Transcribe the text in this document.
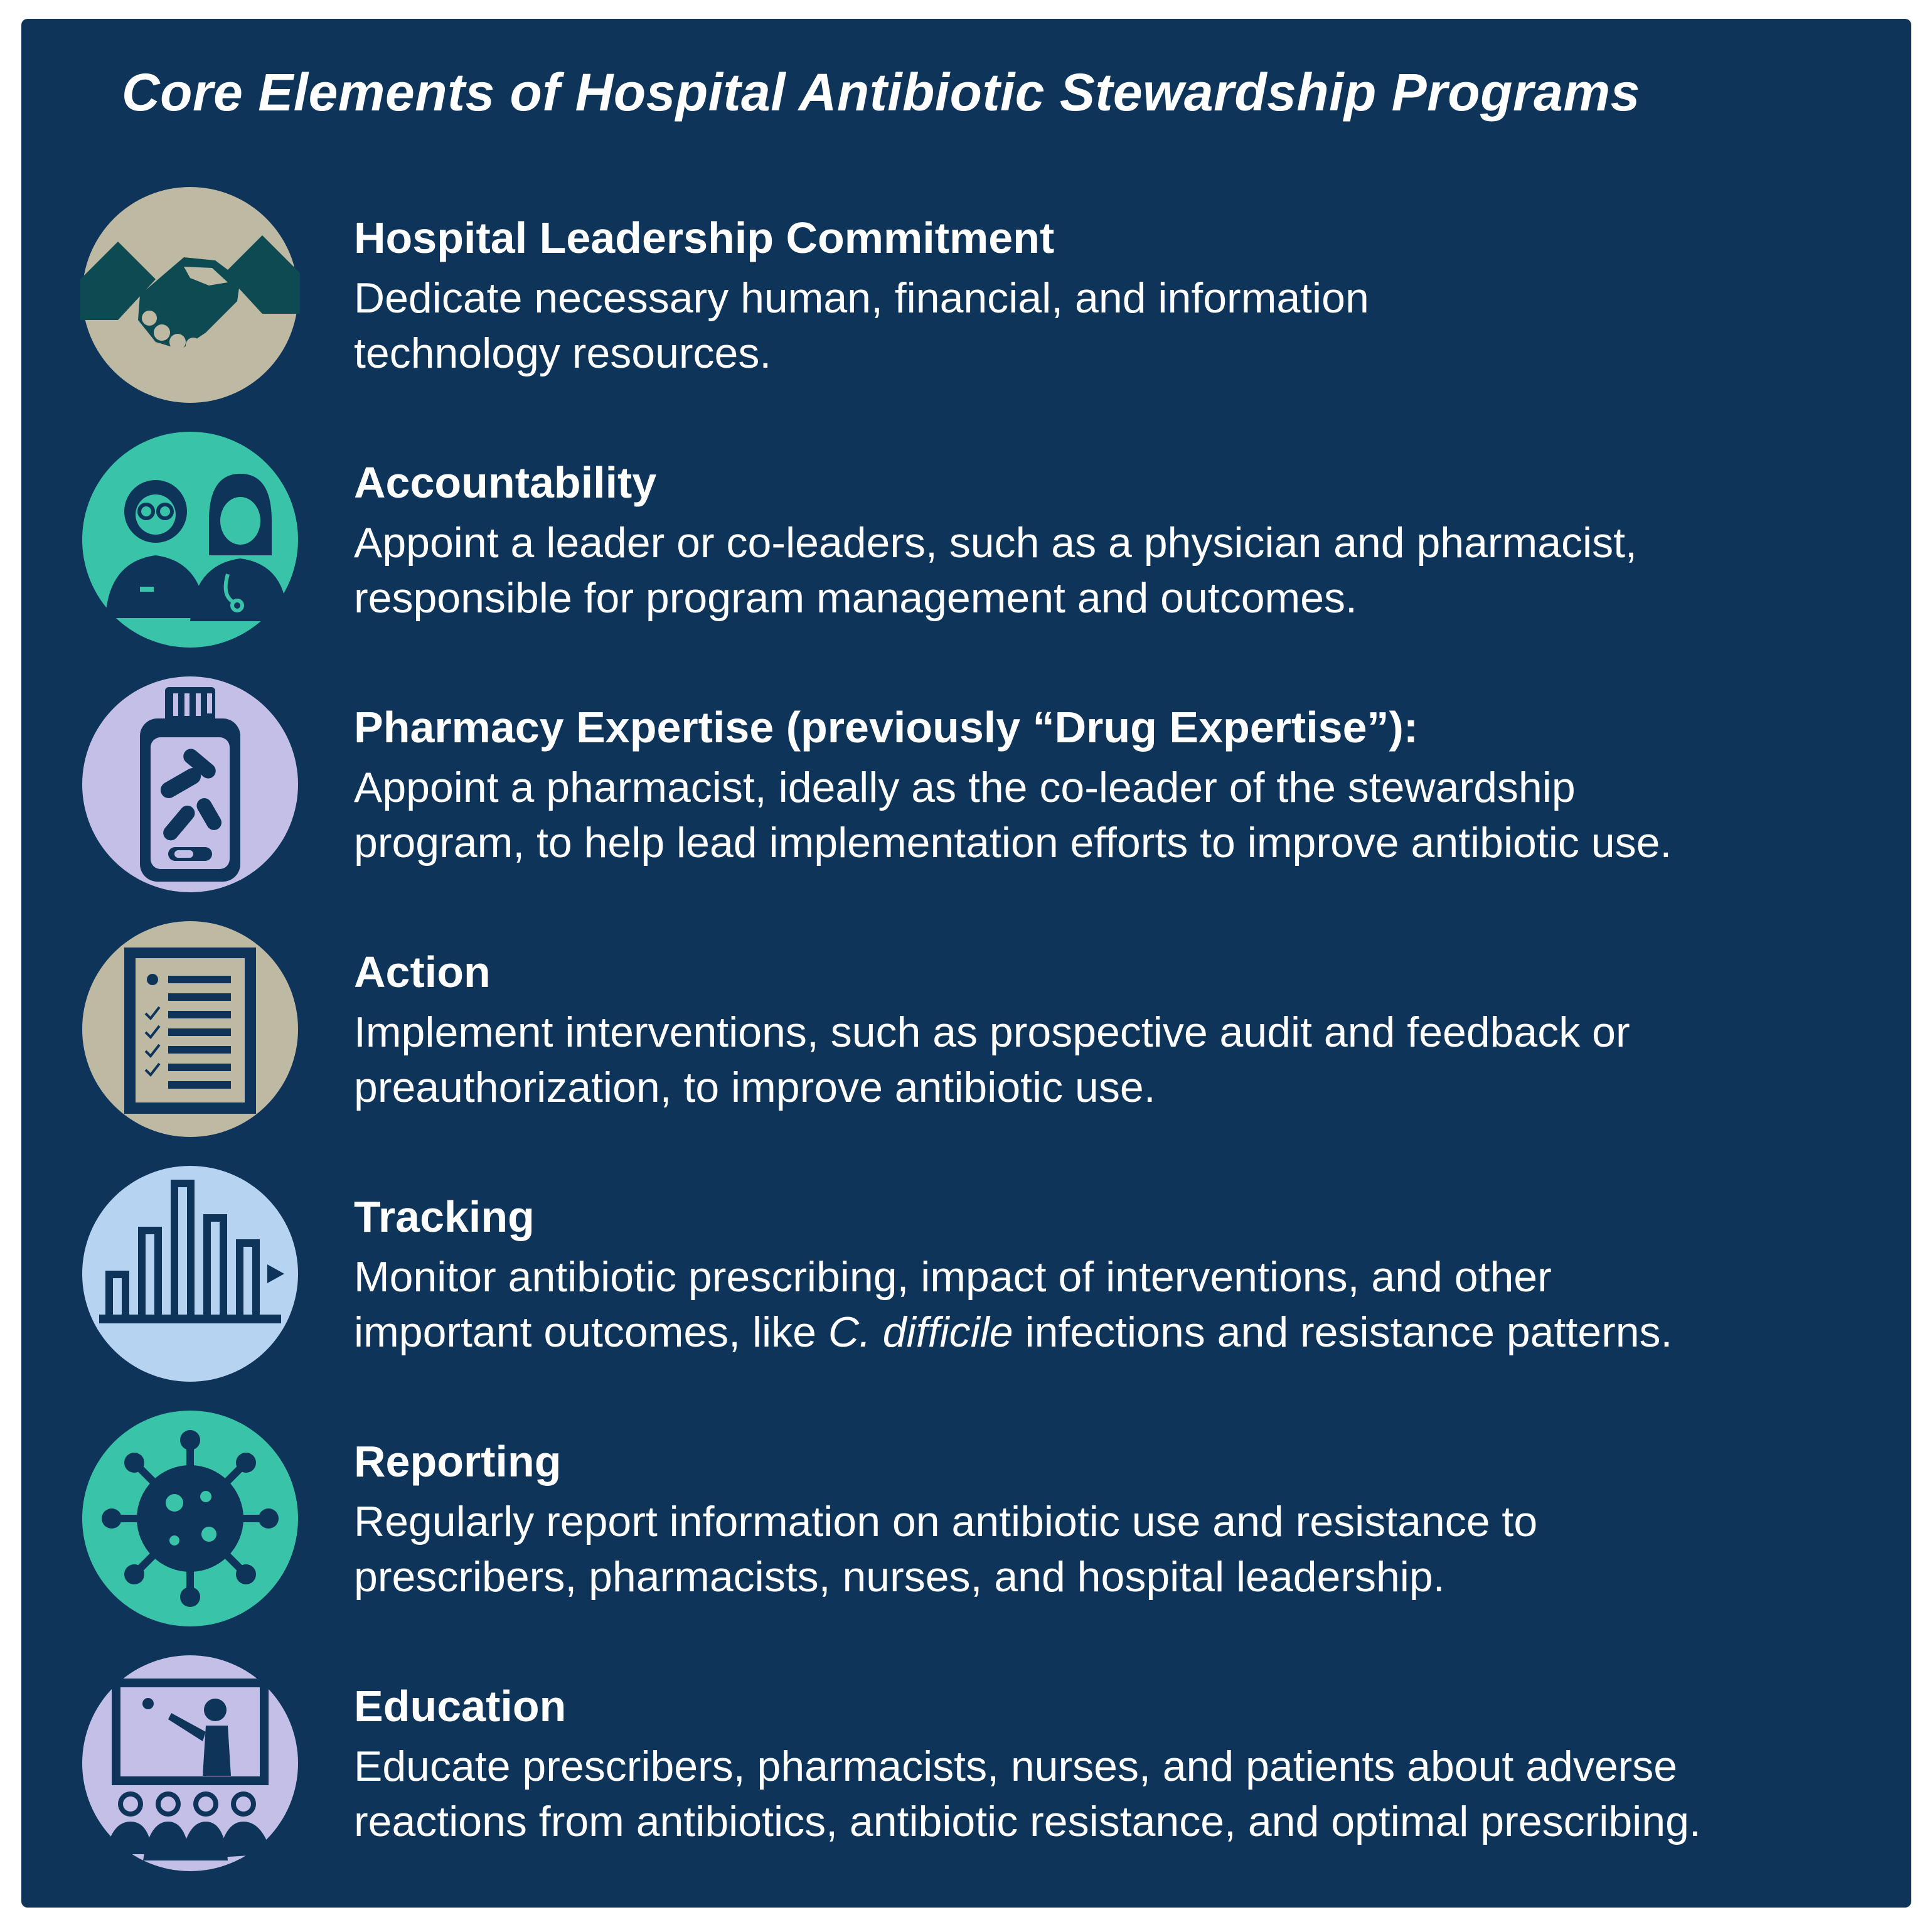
Core Elements of Hospital Antibiotic Stewardship Programs
Hospital Leadership Commitment
Dedicate necessary human, financial, and information
technology resources.
Accountability
Appoint a leader or co-leaders, such as a physician and pharmacist,
responsible for program management and outcomes.
Pharmacy Expertise (previously “Drug Expertise”):
Appoint a pharmacist, ideally as the co-leader of the stewardship
program, to help lead implementation efforts to improve antibiotic use.
Action
Implement interventions, such as prospective audit and feedback or
preauthorization, to improve antibiotic use.
Tracking
Monitor antibiotic prescribing, impact of interventions, and other
important outcomes, like C. difficile infections and resistance patterns.
Reporting
Regularly report information on antibiotic use and resistance to
prescribers, pharmacists, nurses, and hospital leadership.
Education
Educate prescribers, pharmacists, nurses, and patients about adverse
reactions from antibiotics, antibiotic resistance, and optimal prescribing.
